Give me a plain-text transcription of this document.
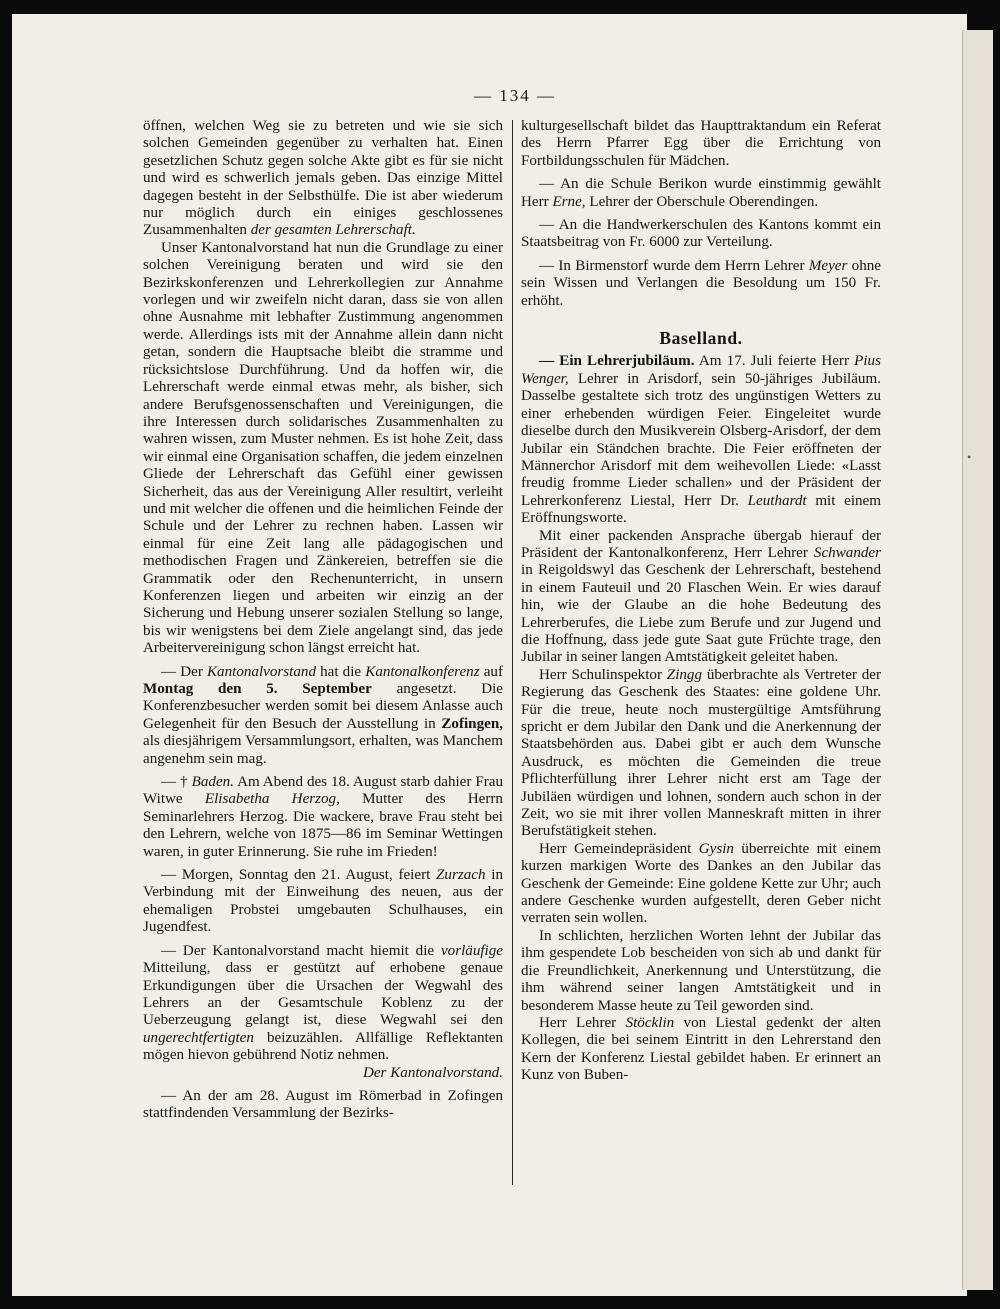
•
— 134 —

öffnen, welchen Weg sie zu betreten und wie sie sich solchen Gemeinden gegenüber zu verhalten hat. Einen gesetzlichen Schutz gegen solche Akte gibt es für sie nicht und wird es schwerlich jemals geben. Das einzige Mittel dagegen besteht in der Selbsthülfe. Die ist aber wiederum nur möglich durch ein einiges geschlossenes Zusammenhalten der gesamten Lehrerschaft.

Unser Kantonalvorstand hat nun die Grundlage zu einer solchen Vereinigung beraten und wird sie den Bezirkskonferenzen und Lehrerkollegien zur Annahme vorlegen und wir zweifeln nicht daran, dass sie von allen ohne Ausnahme mit lebhafter Zustimmung angenommen werde. Allerdings ists mit der Annahme allein dann nicht getan, sondern die Hauptsache bleibt die stramme und rücksichtslose Durchführung. Und da hoffen wir, die Lehrerschaft werde einmal etwas mehr, als bisher, sich andere Berufsgenossenschaften und Vereinigungen, die ihre Interessen durch solidarisches Zusammenhalten zu wahren wissen, zum Muster nehmen. Es ist hohe Zeit, dass wir einmal eine Organisation schaffen, die jedem einzelnen Gliede der Lehrerschaft das Gefühl einer gewissen Sicherheit, das aus der Vereinigung Aller resultirt, verleiht und mit welcher die offenen und die heimlichen Feinde der Schule und der Lehrer zu rechnen haben. Lassen wir einmal für eine Zeit lang alle pädagogischen und methodischen Fragen und Zänkereien, betreffen sie die Grammatik oder den Rechenunterricht, in unsern Konferenzen liegen und arbeiten wir einzig an der Sicherung und Hebung unserer sozialen Stellung so lange, bis wir wenigstens bei dem Ziele angelangt sind, das jede Arbeitervereinigung schon längst erreicht hat.

— Der Kantonalvorstand hat die Kantonalkonferenz auf Montag den 5. September angesetzt. Die Konferenzbesucher werden somit bei diesem Anlasse auch Gelegenheit für den Besuch der Ausstellung in Zofingen, als diesjährigem Versammlungsort, erhalten, was Manchem angenehm sein mag.

— † Baden. Am Abend des 18. August starb dahier Frau Witwe Elisabetha Herzog, Mutter des Herrn Seminarlehrers Herzog. Die wackere, brave Frau steht bei den Lehrern, welche von 1875—86 im Seminar Wettingen waren, in guter Erinnerung. Sie ruhe im Frieden!

— Morgen, Sonntag den 21. August, feiert Zurzach in Verbindung mit der Einweihung des neuen, aus der ehemaligen Probstei umgebauten Schulhauses, ein Jugendfest.

— Der Kantonalvorstand macht hiemit die vorläufige Mitteilung, dass er gestützt auf erhobene genaue Erkundigungen über die Ursachen der Wegwahl des Lehrers an der Gesamtschule Koblenz zu der Ueberzeugung gelangt ist, diese Wegwahl sei den ungerechtfertigten beizuzählen. Allfällige Reflektanten mögen hievon gebührend Notiz nehmen.
Der Kantonalvorstand.

— An der am 28. August im Römerbad in Zofingen stattfindenden Versammlung der Bezirks-

kulturgesellschaft bildet das Haupttraktandum ein Referat des Herrn Pfarrer Egg über die Errichtung von Fortbildungsschulen für Mädchen.

— An die Schule Berikon wurde einstimmig gewählt Herr Erne, Lehrer der Oberschule Oberendingen.

— An die Handwerkerschulen des Kantons kommt ein Staatsbeitrag von Fr. 6000 zur Verteilung.

— In Birmenstorf wurde dem Herrn Lehrer Meyer ohne sein Wissen und Verlangen die Besoldung um 150 Fr. erhöht.

Baselland.

— Ein Lehrerjubiläum. Am 17. Juli feierte Herr Pius Wenger, Lehrer in Arisdorf, sein 50-jähriges Jubiläum. Dasselbe gestaltete sich trotz des ungünstigen Wetters zu einer erhebenden würdigen Feier. Eingeleitet wurde dieselbe durch den Musikverein Olsberg-Arisdorf, der dem Jubilar ein Ständchen brachte. Die Feier eröffneten der Männerchor Arisdorf mit dem weihevollen Liede: «Lasst freudig fromme Lieder schallen» und der Präsident der Lehrerkonferenz Liestal, Herr Dr. Leuthardt mit einem Eröffnungsworte.

Mit einer packenden Ansprache übergab hierauf der Präsident der Kantonalkonferenz, Herr Lehrer Schwander in Reigoldswyl das Geschenk der Lehrerschaft, bestehend in einem Fauteuil und 20 Flaschen Wein. Er wies darauf hin, wie der Glaube an die hohe Bedeutung des Lehrerberufes, die Liebe zum Berufe und zur Jugend und die Hoffnung, dass jede gute Saat gute Früchte trage, den Jubilar in seiner langen Amtstätigkeit geleitet haben.

Herr Schulinspektor Zingg überbrachte als Vertreter der Regierung das Geschenk des Staates: eine goldene Uhr. Für die treue, heute noch mustergültige Amtsführung spricht er dem Jubilar den Dank und die Anerkennung der Staatsbehörden aus. Dabei gibt er auch dem Wunsche Ausdruck, es möchten die Gemeinden die treue Pflichterfüllung ihrer Lehrer nicht erst am Tage der Jubiläen würdigen und lohnen, sondern auch schon in der Zeit, wo sie mit ihrer vollen Manneskraft mitten in ihrer Berufstätigkeit stehen.

Herr Gemeindepräsident Gysin überreichte mit einem kurzen markigen Worte des Dankes an den Jubilar das Geschenk der Gemeinde: Eine goldene Kette zur Uhr; auch andere Geschenke wurden aufgestellt, deren Geber nicht verraten sein wollen.

In schlichten, herzlichen Worten lehnt der Jubilar das ihm gespendete Lob bescheiden von sich ab und dankt für die Freundlichkeit, Anerkennung und Unterstützung, die ihm während seiner langen Amtstätigkeit und in besonderem Masse heute zu Teil geworden sind.

Herr Lehrer Stöcklin von Liestal gedenkt der alten Kollegen, die bei seinem Eintritt in den Lehrerstand den Kern der Konferenz Liestal gebildet haben. Er erinnert an Kunz von Buben-
